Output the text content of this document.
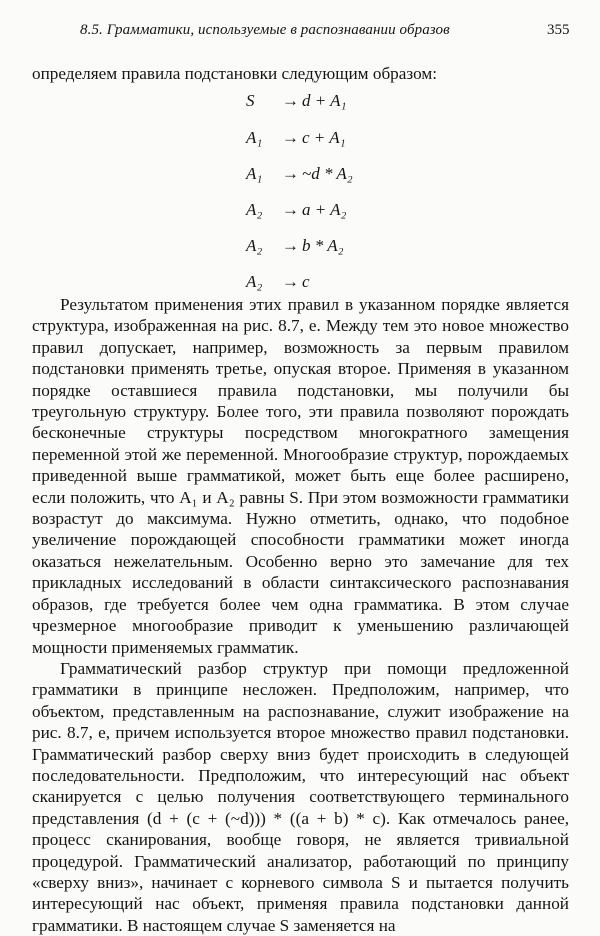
8.5. Грамматики, используемые в распознавании образов	355

определяем правила подстановки следующим образом:

S → d + A₁
A₁ → c + A₁
A₁ → ~d * A₂
A₂ → a + A₂
A₂ → b * A₂
A₂ → c

Результатом применения этих правил в указанном порядке является структура, изображенная на рис. 8.7, е. Между тем это новое множество правил допускает, например, возможность за первым правилом подстановки применять третье, опуская второе. Применяя в указанном порядке оставшиеся правила подстановки, мы получили бы треугольную структуру. Более того, эти правила позволяют порождать бесконечные структуры посредством многократного замещения переменной этой же переменной. Многообразие структур, порождаемых приведенной выше грамматикой, может быть еще более расширено, если положить, что A₁ и A₂ равны S. При этом возможности грамматики возрастут до максимума. Нужно отметить, однако, что подобное увеличение порождающей способности грамматики может иногда оказаться нежелательным. Особенно верно это замечание для тех прикладных исследований в области синтаксического распознавания образов, где требуется более чем одна грамматика. В этом случае чрезмерное многообразие приводит к уменьшению различающей мощности применяемых грамматик.

Грамматический разбор структур при помощи предложенной грамматики в принципе несложен. Предположим, например, что объектом, представленным на распознавание, служит изображение на рис. 8.7, е, причем используется второе множество правил подстановки. Грамматический разбор сверху вниз будет происходить в следующей последовательности. Предположим, что интересующий нас объект сканируется с целью получения соответствующего терминального представления (d + (c + (~d))) * ((a + b) * c). Как отмечалось ранее, процесс сканирования, вообще говоря, не является тривиальной процедурой. Грамматический анализатор, работающий по принципу «сверху вниз», начинает с корневого символа S и пытается получить интересующий нас объект, применяя правила подстановки данной грамматики. В настоящем случае S заменяется на
